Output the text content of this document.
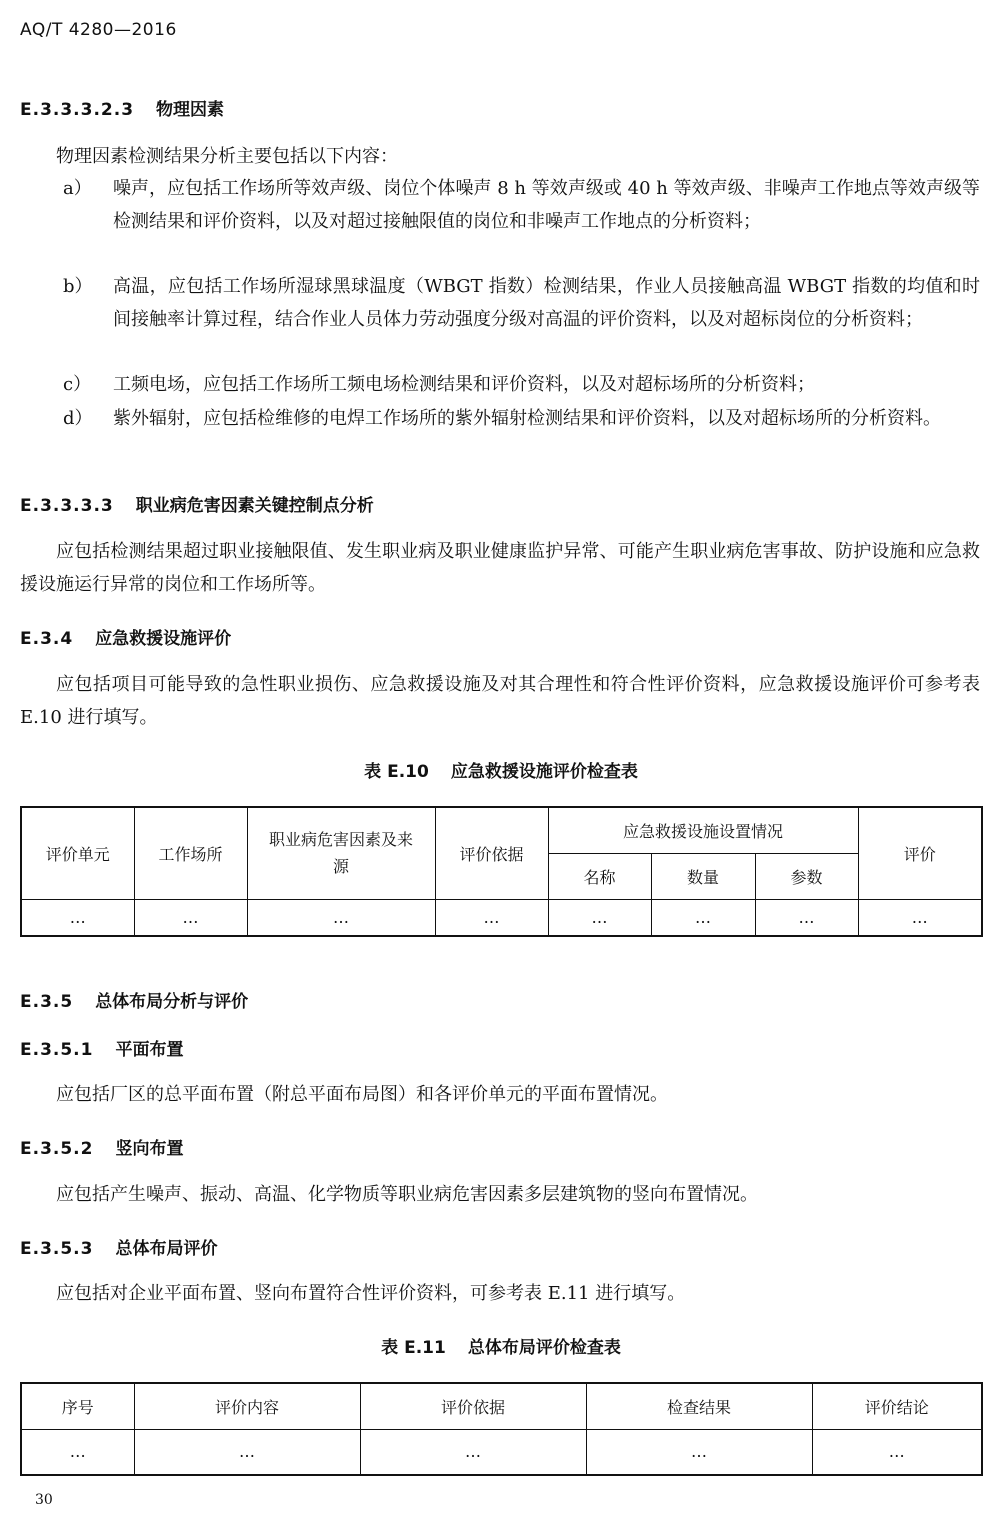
AQ/T 4280—2016
E.3.3.3.2.3 物理因素
物理因素检测结果分析主要包括以下内容：
a）	噪声，应包括工作场所等效声级、岗位个体噪声 8 h 等效声级或 40 h 等效声级、非噪声工作地点等效声级等检测结果和评价资料，以及对超过接触限值的岗位和非噪声工作地点的分析资料；
b）	高温，应包括工作场所湿球黑球温度（WBGT 指数）检测结果，作业人员接触高温 WBGT 指数的均值和时间接触率计算过程，结合作业人员体力劳动强度分级对高温的评价资料，以及对超标岗位的分析资料；
c）	工频电场，应包括工作场所工频电场检测结果和评价资料，以及对超标场所的分析资料；
d）	紫外辐射，应包括检维修的电焊工作场所的紫外辐射检测结果和评价资料，以及对超标场所的分析资料。
E.3.3.3.3 职业病危害因素关键控制点分析
应包括检测结果超过职业接触限值、发生职业病及职业健康监护异常、可能产生职业病危害事故、防护设施和应急救援设施运行异常的岗位和工作场所等。
E.3.4 应急救援设施评价
应包括项目可能导致的急性职业损伤、应急救援设施及对其合理性和符合性评价资料，应急救援设施评价可参考表 E.10 进行填写。
表 E.10 应急救援设施评价检查表
评价单元	工作场所	职业病危害因素及来源	评价依据	应急救援设施设置情况			评价
				名称	数量	参数	
…	…	…	…	…	…	…	…
E.3.5 总体布局分析与评价
E.3.5.1 平面布置
应包括厂区的总平面布置（附总平面布局图）和各评价单元的平面布置情况。
E.3.5.2 竖向布置
应包括产生噪声、振动、高温、化学物质等职业病危害因素多层建筑物的竖向布置情况。
E.3.5.3 总体布局评价
应包括对企业平面布置、竖向布置符合性评价资料，可参考表 E.11 进行填写。
表 E.11 总体布局评价检查表
序号	评价内容	评价依据	检查结果	评价结论
…	…	…	…	…
30
